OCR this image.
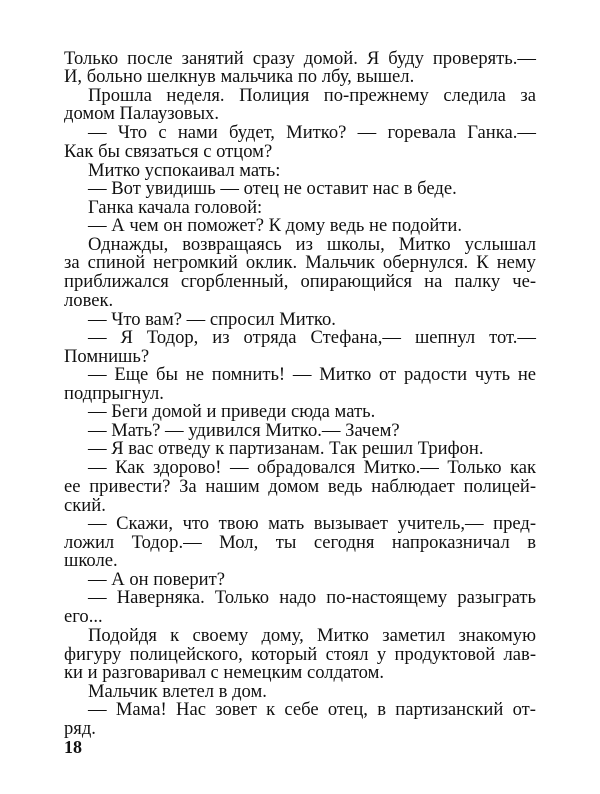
Только после занятий сразу домой. Я буду проверять.—
И, больно шелкнув мальчика по лбу, вышел.
Прошла неделя. Полиция по-прежнему следила за
домом Палаузовых.
— Что с нами будет, Митко? — горевала Ганка.—
Как бы связаться с отцом?
Митко успокаивал мать:
— Вот увидишь — отец не оставит нас в беде.
Ганка качала головой:
— А чем он поможет? К дому ведь не подойти.
Однажды, возвращаясь из школы, Митко услышал
за спиной негромкий оклик. Мальчик обернулся. К нему
приближался сгорбленный, опирающийся на палку че-
ловек.
— Что вам? — спросил Митко.
— Я Тодор, из отряда Стефана,— шепнул тот.—
Помнишь?
— Еще бы не помнить! — Митко от радости чуть не
подпрыгнул.
— Беги домой и приведи сюда мать.
— Мать? — удивился Митко.— Зачем?
— Я вас отведу к партизанам. Так решил Трифон.
— Как здорово! — обрадовался Митко.— Только как
ее привести? За нашим домом ведь наблюдает полицей-
ский.
— Скажи, что твою мать вызывает учитель,— пред-
ложил Тодор.— Мол, ты сегодня напроказничал в
школе.
— А он поверит?
— Наверняка. Только надо по-настоящему разыграть
его...
Подойдя к своему дому, Митко заметил знакомую
фигуру полицейского, который стоял у продуктовой лав-
ки и разговаривал с немецким солдатом.
Мальчик влетел в дом.
— Мама! Нас зовет к себе отец, в партизанский от-
ряд.
18
